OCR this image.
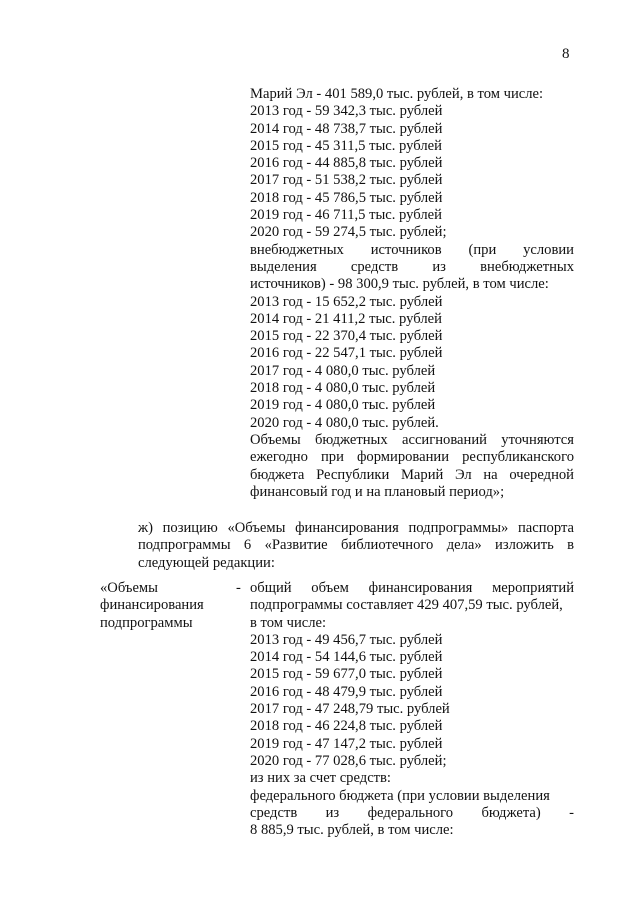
8
Марий Эл - 401 589,0 тыс. рублей, в том числе:
2013 год - 59 342,3 тыс. рублей
2014 год - 48 738,7 тыс. рублей
2015 год - 45 311,5 тыс. рублей
2016 год - 44 885,8 тыс. рублей
2017 год - 51 538,2 тыс. рублей
2018 год - 45 786,5 тыс. рублей
2019 год - 46 711,5 тыс. рублей
2020 год - 59 274,5 тыс. рублей;
внебюджетных источников (при условии
выделения средств из внебюджетных
источников) - 98 300,9 тыс. рублей, в том числе:
2013 год - 15 652,2 тыс. рублей
2014 год - 21 411,2 тыс. рублей
2015 год - 22 370,4 тыс. рублей
2016 год - 22 547,1 тыс. рублей
2017 год - 4 080,0 тыс. рублей
2018 год - 4 080,0 тыс. рублей
2019 год - 4 080,0 тыс. рублей
2020 год - 4 080,0 тыс. рублей.
Объемы бюджетных ассигнований уточняются ежегодно при формировании республиканского бюджета Республики Марий Эл на очередной финансовый год и на плановый период»;
ж) позицию «Объемы финансирования подпрограммы» паспорта подпрограммы 6 «Развитие библиотечного дела» изложить в следующей редакции:
«Объемы
финансирования
подпрограммы
- общий объем финансирования мероприятий
подпрограммы составляет 429 407,59 тыс. рублей,
в том числе:
2013 год - 49 456,7 тыс. рублей
2014 год - 54 144,6 тыс. рублей
2015 год - 59 677,0 тыс. рублей
2016 год - 48 479,9 тыс. рублей
2017 год - 47 248,79 тыс. рублей
2018 год - 46 224,8 тыс. рублей
2019 год - 47 147,2 тыс. рублей
2020 год - 77 028,6 тыс. рублей;
из них за счет средств:
федерального бюджета (при условии выделения
средств из федерального бюджета) -
8 885,9 тыс. рублей, в том числе:
